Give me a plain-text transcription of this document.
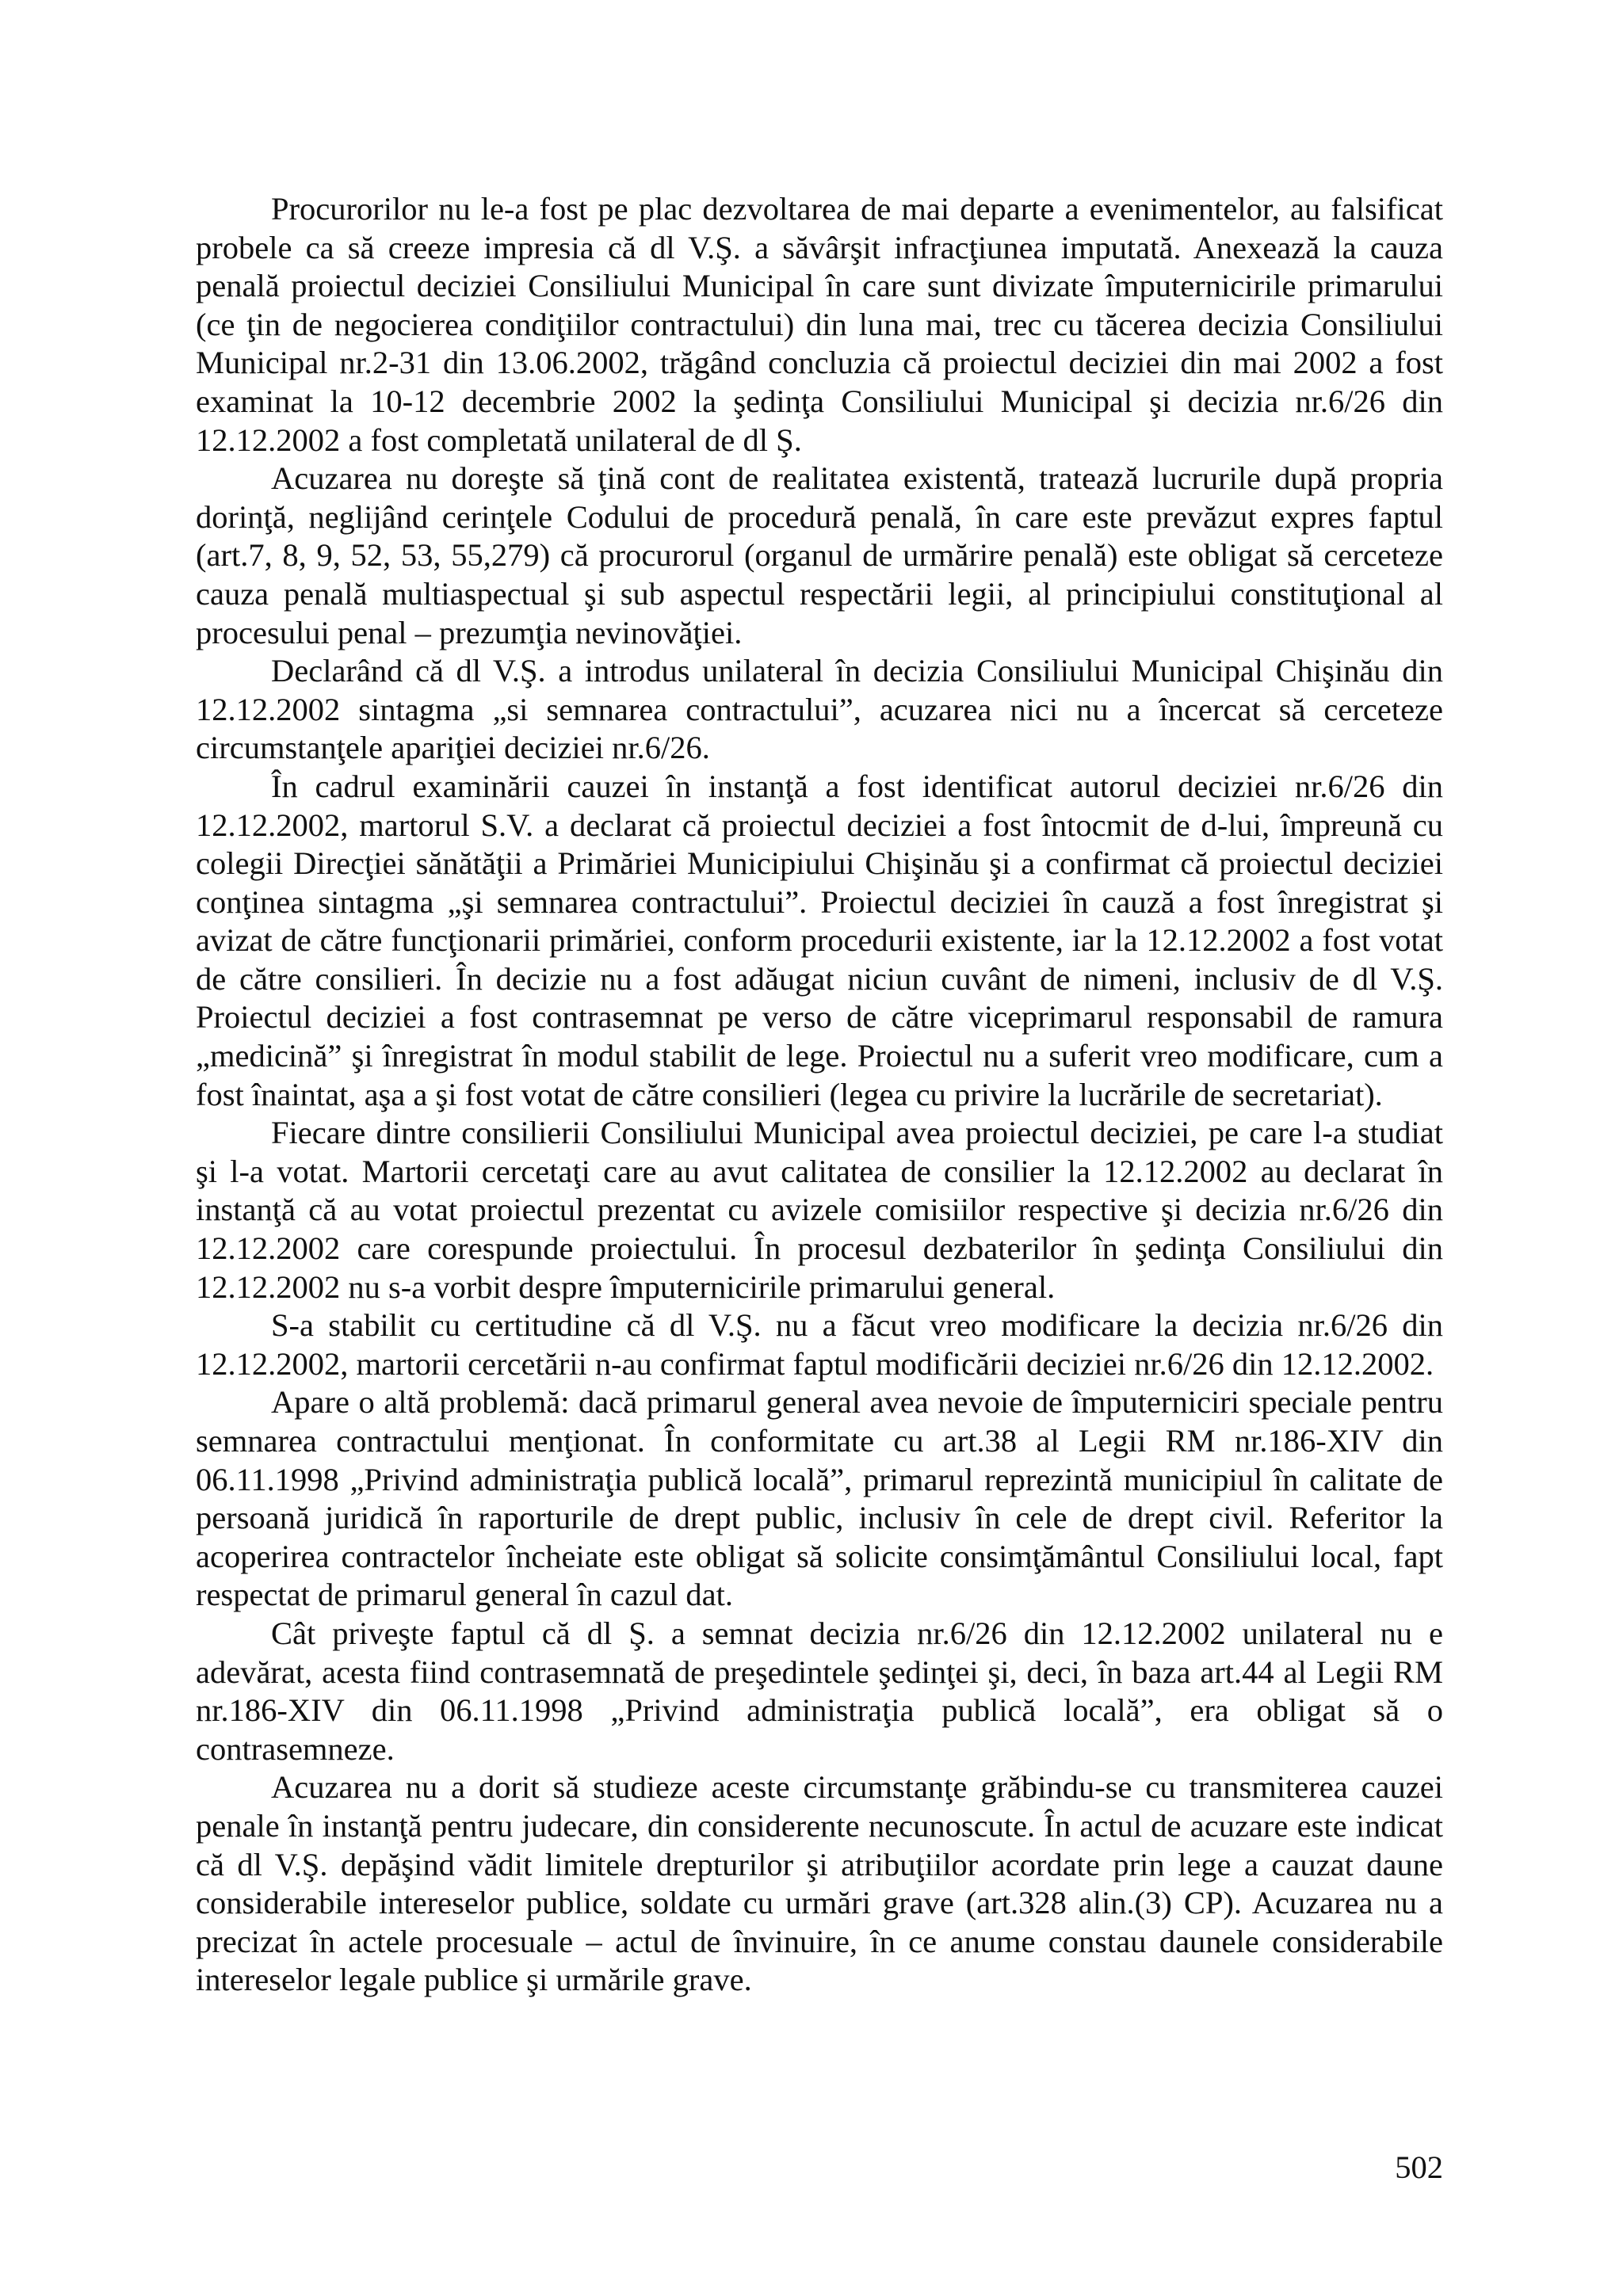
Procurorilor nu le-a fost pe plac dezvoltarea de mai departe a evenimentelor, au falsificat probele ca să creeze impresia că dl V.Ş. a săvârşit infracţiunea imputată. Anexează la cauza penală proiectul deciziei Consiliului Municipal în care sunt divizate împuternicirile primarului (ce ţin de negocierea condiţiilor contractului) din luna mai, trec cu tăcerea decizia Consiliului Municipal nr.2-31 din 13.06.2002, trăgând concluzia că proiectul deciziei din mai 2002 a fost examinat la 10-12 decembrie 2002 la şedinţa Consiliului Municipal şi decizia nr.6/26 din 12.12.2002 a fost completată unilateral de dl Ş.

Acuzarea nu doreşte să ţină cont de realitatea existentă, tratează lucrurile după propria dorinţă, neglijând cerinţele Codului de procedură penală, în care este prevăzut expres faptul (art.7, 8, 9, 52, 53, 55,279) că procurorul (organul de urmărire penală) este obligat să cerceteze cauza penală multiaspectual şi sub aspectul respectării legii, al principiului constituţional al procesului penal – prezumţia nevinovăţiei.

Declarând că dl V.Ş. a introdus unilateral în decizia Consiliului Municipal Chişinău din 12.12.2002 sintagma „si semnarea contractului”, acuzarea nici nu a încercat să cerceteze circumstanţele apariţiei deciziei nr.6/26.

În cadrul examinării cauzei în instanţă a fost identificat autorul deciziei nr.6/26 din 12.12.2002, martorul S.V. a declarat că proiectul deciziei a fost întocmit de d-lui, împreună cu colegii Direcţiei sănătăţii a Primăriei Municipiului Chişinău şi a confirmat că proiectul deciziei conţinea sintagma „şi semnarea contractului”. Proiectul deciziei în cauză a fost înregistrat şi avizat de către funcţionarii primăriei, conform procedurii existente, iar la 12.12.2002 a fost votat de către consilieri. În decizie nu a fost adăugat niciun cuvânt de nimeni, inclusiv de dl V.Ş. Proiectul deciziei a fost contrasemnat pe verso de către viceprimarul responsabil de ramura „medicină” şi înregistrat în modul stabilit de lege. Proiectul nu a suferit vreo modificare, cum a fost înaintat, aşa a şi fost votat de către consilieri (legea cu privire la lucrările de secretariat).

Fiecare dintre consilierii Consiliului Municipal avea proiectul deciziei, pe care l-a studiat şi l-a votat. Martorii cercetaţi care au avut calitatea de consilier la 12.12.2002 au declarat în instanţă că au votat proiectul prezentat cu avizele comisiilor respective şi decizia nr.6/26 din 12.12.2002 care corespunde proiectului. În procesul dezbaterilor în şedinţa Consiliului din 12.12.2002 nu s-a vorbit despre împuternicirile primarului general.

S-a stabilit cu certitudine că dl V.Ş. nu a făcut vreo modificare la decizia nr.6/26 din 12.12.2002, martorii cercetării n-au confirmat faptul modificării deciziei nr.6/26 din 12.12.2002.

Apare o altă problemă: dacă primarul general avea nevoie de împuterniciri speciale pentru semnarea contractului menţionat. În conformitate cu art.38 al Legii RM nr.186-XIV din 06.11.1998 „Privind administraţia publică locală”, primarul reprezintă municipiul în calitate de persoană juridică în raporturile de drept public, inclusiv în cele de drept civil. Referitor la acoperirea contractelor încheiate este obligat să solicite consimţământul Consiliului local, fapt respectat de primarul general în cazul dat.

Cât priveşte faptul că dl Ş. a semnat decizia nr.6/26 din 12.12.2002 unilateral nu e adevărat, acesta fiind contrasemnată de preşedintele şedinţei şi, deci, în baza art.44 al Legii RM nr.186-XIV din 06.11.1998 „Privind administraţia publică locală”, era obligat să o contrasemneze.

Acuzarea nu a dorit să studieze aceste circumstanţe grăbindu-se cu transmiterea cauzei penale în instanţă pentru judecare, din considerente necunoscute. În actul de acuzare este indicat că dl V.Ş. depăşind vădit limitele drepturilor şi atribuţiilor acordate prin lege a cauzat daune considerabile intereselor publice, soldate cu urmări grave (art.328 alin.(3) CP). Acuzarea nu a precizat în actele procesuale – actul de învinuire, în ce anume constau daunele considerabile intereselor legale publice şi urmările grave.

502
